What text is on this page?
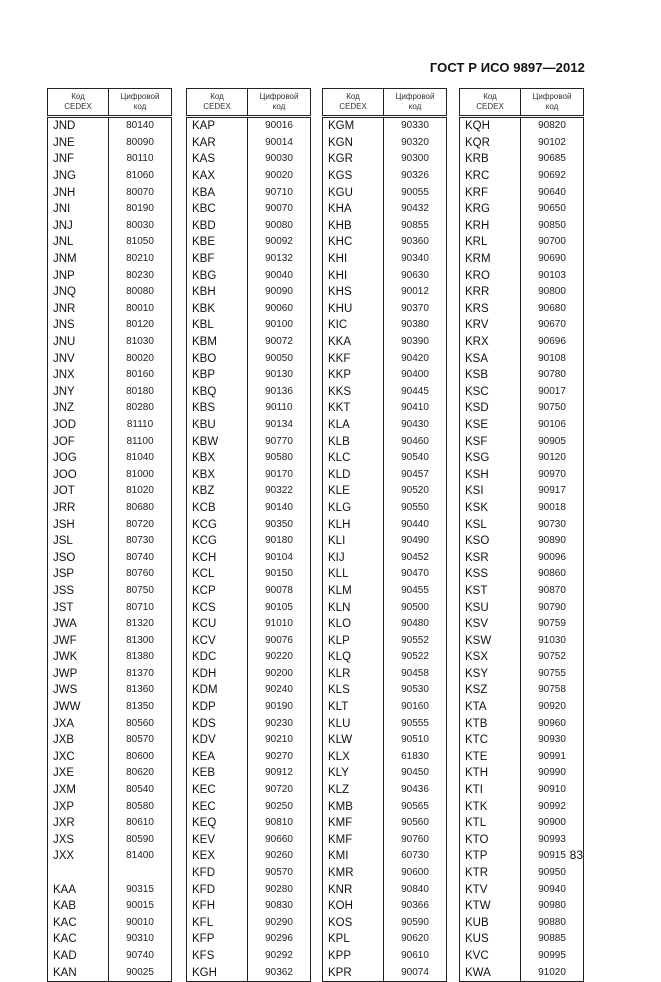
ГОСТ Р ИСО 9897—2012
Код
CEDEX	Цифровой
код
JND	80140
JNE	80090
JNF	80110
JNG	81060
JNH	80070
JNI	80190
JNJ	80030
JNL	81050
JNM	80210
JNP	80230
JNQ	80080
JNR	80010
JNS	80120
JNU	81030
JNV	80020
JNX	80160
JNY	80180
JNZ	80280
JOD	81110
JOF	81100
JOG	81040
JOO	81000
JOT	81020
JRR	80680
JSH	80720
JSL	80730
JSO	80740
JSP	80760
JSS	80750
JST	80710
JWA	81320
JWF	81300
JWK	81380
JWP	81370
JWS	81360
JWW	81350
JXA	80560
JXB	80570
JXC	80600
JXE	80620
JXM	80540
JXP	80580
JXR	80610
JXS	80590
JXX	81400

KAA	90315
KAB	90015
KAC	90010
KAC	90310
KAD	90740
KAN	90025
Код
CEDEX	Цифровой
код
KAP	90016
KAR	90014
KAS	90030
KAX	90020
KBA	90710
KBC	90070
KBD	90080
KBE	90092
KBF	90132
KBG	90040
KBH	90090
KBK	90060
KBL	90100
KBM	90072
KBO	90050
KBP	90130
KBQ	90136
KBS	90110
KBU	90134
KBW	90770
KBX	90580
KBX	90170
KBZ	90322
KCB	90140
KCG	90350
KCG	90180
KCH	90104
KCL	90150
KCP	90078
KCS	90105
KCU	91010
KCV	90076
KDC	90220
KDH	90200
KDM	90240
KDP	90190
KDS	90230
KDV	90210
KEA	90270
KEB	90912
KEC	90720
KEC	90250
KEQ	90810
KEV	90660
KEX	90260
KFD	90570
KFD	90280
KFH	90830
KFL	90290
KFP	90296
KFS	90292
KGH	90362
Код
CEDEX	Цифровой
код
KGM	90330
KGN	90320
KGR	90300
KGS	90326
KGU	90055
KHA	90432
KHB	90855
KHC	90360
KHI	90340
KHI	90630
KHS	90012
KHU	90370
KIC	90380
KKA	90390
KKF	90420
KKP	90400
KKS	90445
KKT	90410
KLA	90430
KLB	90460
KLC	90540
KLD	90457
KLE	90520
KLG	90550
KLH	90440
KLI	90490
KIJ	90452
KLL	90470
KLM	90455
KLN	90500
KLO	90480
KLP	90552
KLQ	90522
KLR	90458
KLS	90530
KLT	90160
KLU	90555
KLW	90510
KLX	61830
KLY	90450
KLZ	90436
KMB	90565
KMF	90560
KMF	90760
KMI	60730
KMR	90600
KNR	90840
KOH	90366
KOS	90590
KPL	90620
KPP	90610
KPR	90074
Код
CEDEX	Цифровой
код
KQH	90820
KQR	90102
KRB	90685
KRC	90692
KRF	90640
KRG	90650
KRH	90850
KRL	90700
KRM	90690
KRO	90103
KRR	90800
KRS	90680
KRV	90670
KRX	90696
KSA	90108
KSB	90780
KSC	90017
KSD	90750
KSE	90106
KSF	90905
KSG	90120
KSH	90970
KSI	90917
KSK	90018
KSL	90730
KSO	90890
KSR	90096
KSS	90860
KST	90870
KSU	90790
KSV	90759
KSW	91030
KSX	90752
KSY	90755
KSZ	90758
KTA	90920
KTB	90960
KTC	90930
KTE	90991
KTH	90990
KTI	90910
KTK	90992
KTL	90900
KTO	90993
KTP	90915
KTR	90950
KTV	90940
KTW	90980
KUB	90880
KUS	90885
KVC	90995
KWA	91020
83
